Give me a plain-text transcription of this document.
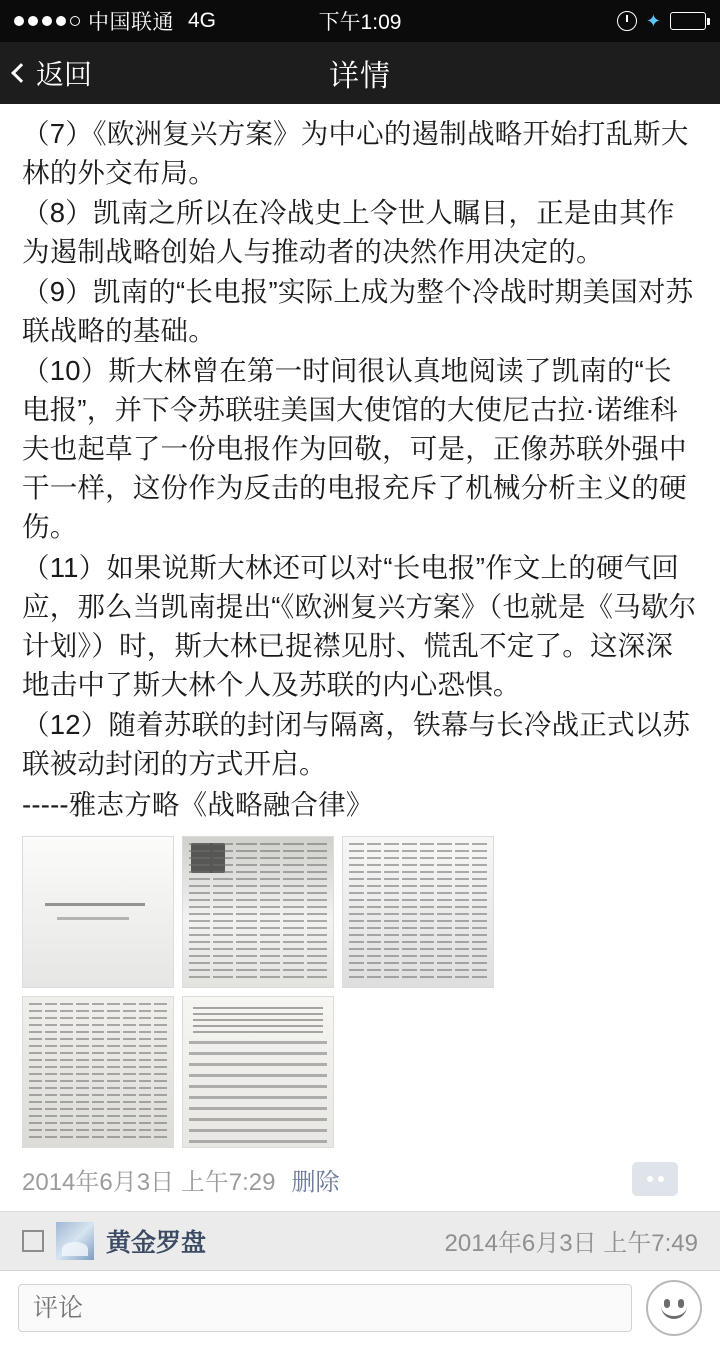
中国联通 4G	下午1:09	✦
返回	详情

（7）《欧洲复兴方案》为中心的遏制战略开始打乱斯大林的外交布局。

（8）凯南之所以在冷战史上令世人瞩目，正是由其作为遏制战略创始人与推动者的决然作用决定的。

（9）凯南的“长电报”实际上成为整个冷战时期美国对苏联战略的基础。

（10）斯大林曾在第一时间很认真地阅读了凯南的“长电报”，并下令苏联驻美国大使馆的大使尼古拉·诺维科夫也起草了一份电报作为回敬，可是，正像苏联外强中干一样，这份作为反击的电报充斥了机械分析主义的硬伤。

（11）如果说斯大林还可以对“长电报”作文上的硬气回应，那么当凯南提出“《欧洲复兴方案》（也就是《马歇尔计划》）时，斯大林已捉襟见肘、慌乱不定了。这深深地击中了斯大林个人及苏联的内心恐惧。

（12）随着苏联的封闭与隔离，铁幕与长冷战正式以苏联被动封闭的方式开启。

-----雅志方略《战略融合律》

2014年6月3日 上午7:29 删除
黄金罗盘	2014年6月3日 上午7:49
评论
